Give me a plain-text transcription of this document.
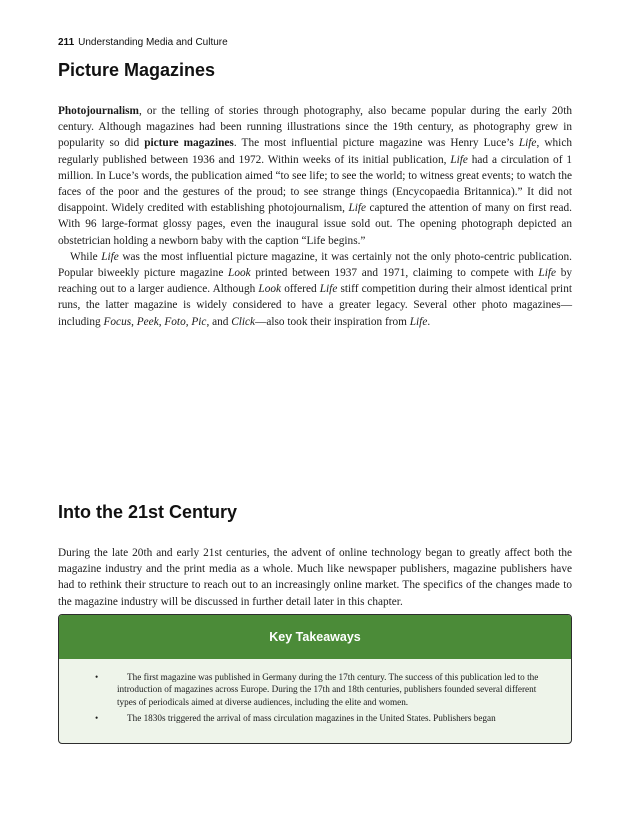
211 Understanding Media and Culture
Picture Magazines

Photojournalism, or the telling of stories through photography, also became popular during the early 20th century. Although magazines had been running illustrations since the 19th century, as photography grew in popularity so did picture magazines. The most influential picture magazine was Henry Luce’s Life, which regularly published between 1936 and 1972. Within weeks of its initial publication, Life had a circulation of 1 million. In Luce’s words, the publication aimed “to see life; to see the world; to witness great events; to watch the faces of the poor and the gestures of the proud; to see strange things (Encycopaedia Britannica).” It did not disappoint. Widely credited with establishing photojournalism, Life captured the attention of many on first read. With 96 large-format glossy pages, even the inaugural issue sold out. The opening photograph depicted an obstetrician holding a newborn baby with the caption “Life begins.”

While Life was the most influential picture magazine, it was certainly not the only photo-centric publication. Popular biweekly picture magazine Look printed between 1937 and 1971, claiming to compete with Life by reaching out to a larger audience. Although Look offered Life stiff competition during their almost identical print runs, the latter magazine is widely considered to have a greater legacy. Several other photo magazines—including Focus, Peek, Foto, Pic, and Click—also took their inspiration from Life.

Into the 21st Century

During the late 20th and early 21st centuries, the advent of online technology began to greatly affect both the magazine industry and the print media as a whole. Much like newspaper publishers, magazine publishers have had to rethink their structure to reach out to an increasingly online market. The specifics of the changes made to the magazine industry will be discussed in further detail later in this chapter.

Key Takeaways
•	The first magazine was published in Germany during the 17th century. The success of this publication led to the introduction of magazines across Europe. During the 17th and 18th centuries, publishers founded several different types of periodicals aimed at diverse audiences, including the elite and women.
•	The 1830s triggered the arrival of mass circulation magazines in the United States. Publishers began
